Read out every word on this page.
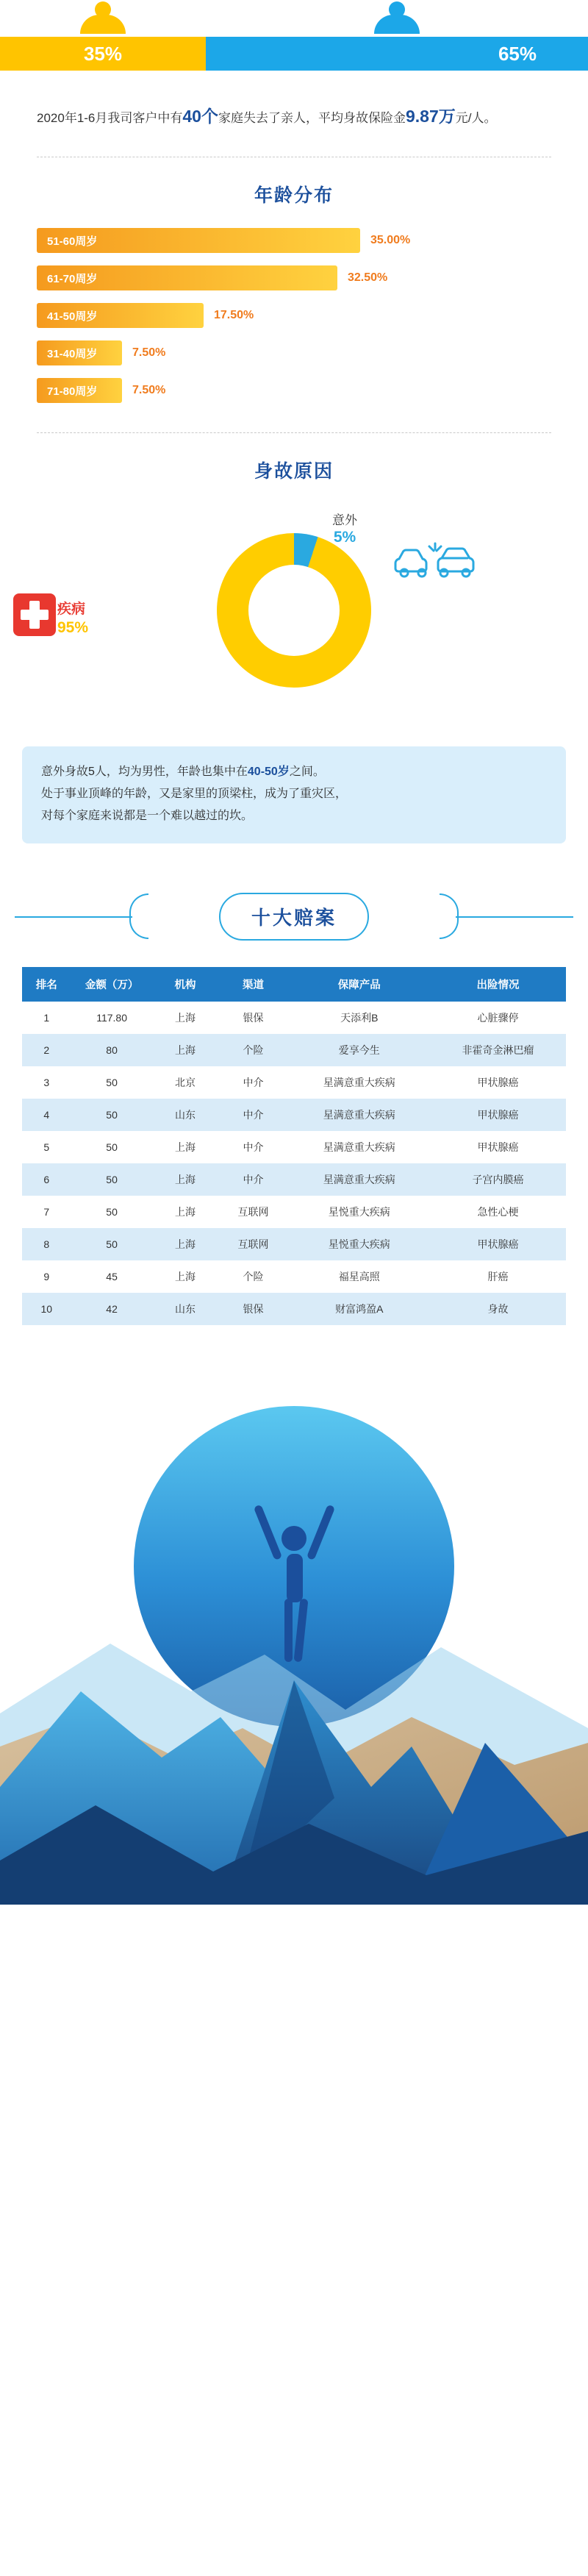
35%	65%
2020年1-6月我司客户中有40个家庭失去了亲人，平均身故保险金9.87万元/人。
年龄分布
51-60周岁	35.00%
61-70周岁	32.50%
41-50周岁	17.50%
31-40周岁	7.50%
71-80周岁	7.50%
身故原因
意外
5%
疾病
95%
意外身故5人，均为男性，年龄也集中在40-50岁之间。
处于事业顶峰的年龄，又是家里的顶梁柱，成为了重灾区，
对每个家庭来说都是一个难以越过的坎。
十大赔案
排名	金额（万）	机构	渠道	保障产品	出险情况
1	117.80	上海	银保	天添利B	心脏骤停
2	80	上海	个险	爱享今生	非霍奇金淋巴瘤
3	50	北京	中介	星满意重大疾病	甲状腺癌
4	50	山东	中介	星满意重大疾病	甲状腺癌
5	50	上海	中介	星满意重大疾病	甲状腺癌
6	50	上海	中介	星满意重大疾病	子宫内膜癌
7	50	上海	互联网	星悦重大疾病	急性心梗
8	50	上海	互联网	星悦重大疾病	甲状腺癌
9	45	上海	个险	福星高照	肝癌
10	42	山东	银保	财富鸿盈A	身故
